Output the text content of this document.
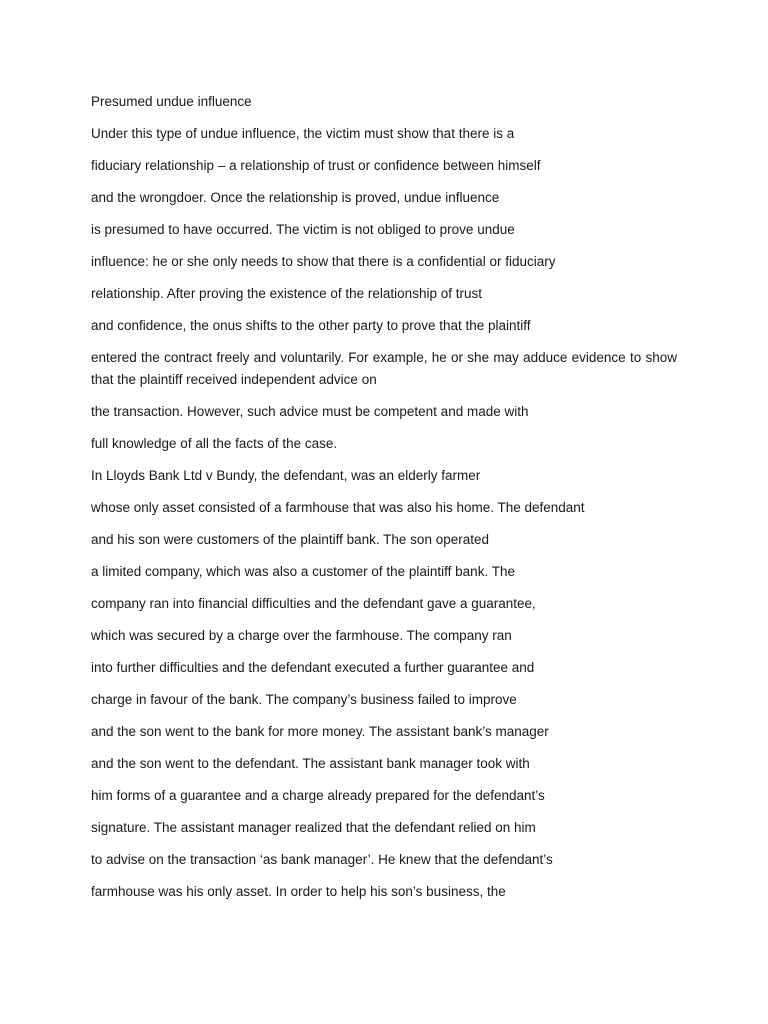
Presumed undue influence
Under this type of undue influence, the victim must show that there is a
fiduciary relationship – a relationship of trust or confidence between himself
and the wrongdoer. Once the relationship is proved, undue influence
is presumed to have occurred. The victim is not obliged to prove undue
influence: he or she only needs to show that there is a confidential or fiduciary
relationship. After proving the existence of the relationship of trust
and confidence, the onus shifts to the other party to prove that the plaintiff
entered the contract freely and voluntarily. For example, he or she may adduce evidence to show that the plaintiff received independent advice on
the transaction. However, such advice must be competent and made with
full knowledge of all the facts of the case.
In Lloyds Bank Ltd v Bundy, the defendant, was an elderly farmer
whose only asset consisted of a farmhouse that was also his home. The defendant
and his son were customers of the plaintiff bank. The son operated
a limited company, which was also a customer of the plaintiff bank. The
company ran into financial difficulties and the defendant gave a guarantee,
which was secured by a charge over the farmhouse. The company ran
into further difficulties and the defendant executed a further guarantee and
charge in favour of the bank. The company’s business failed to improve
and the son went to the bank for more money. The assistant bank’s manager
and the son went to the defendant. The assistant bank manager took with
him forms of a guarantee and a charge already prepared for the defendant’s
signature. The assistant manager realized that the defendant relied on him
to advise on the transaction ‘as bank manager’. He knew that the defendant’s
farmhouse was his only asset. In order to help his son’s business, the
